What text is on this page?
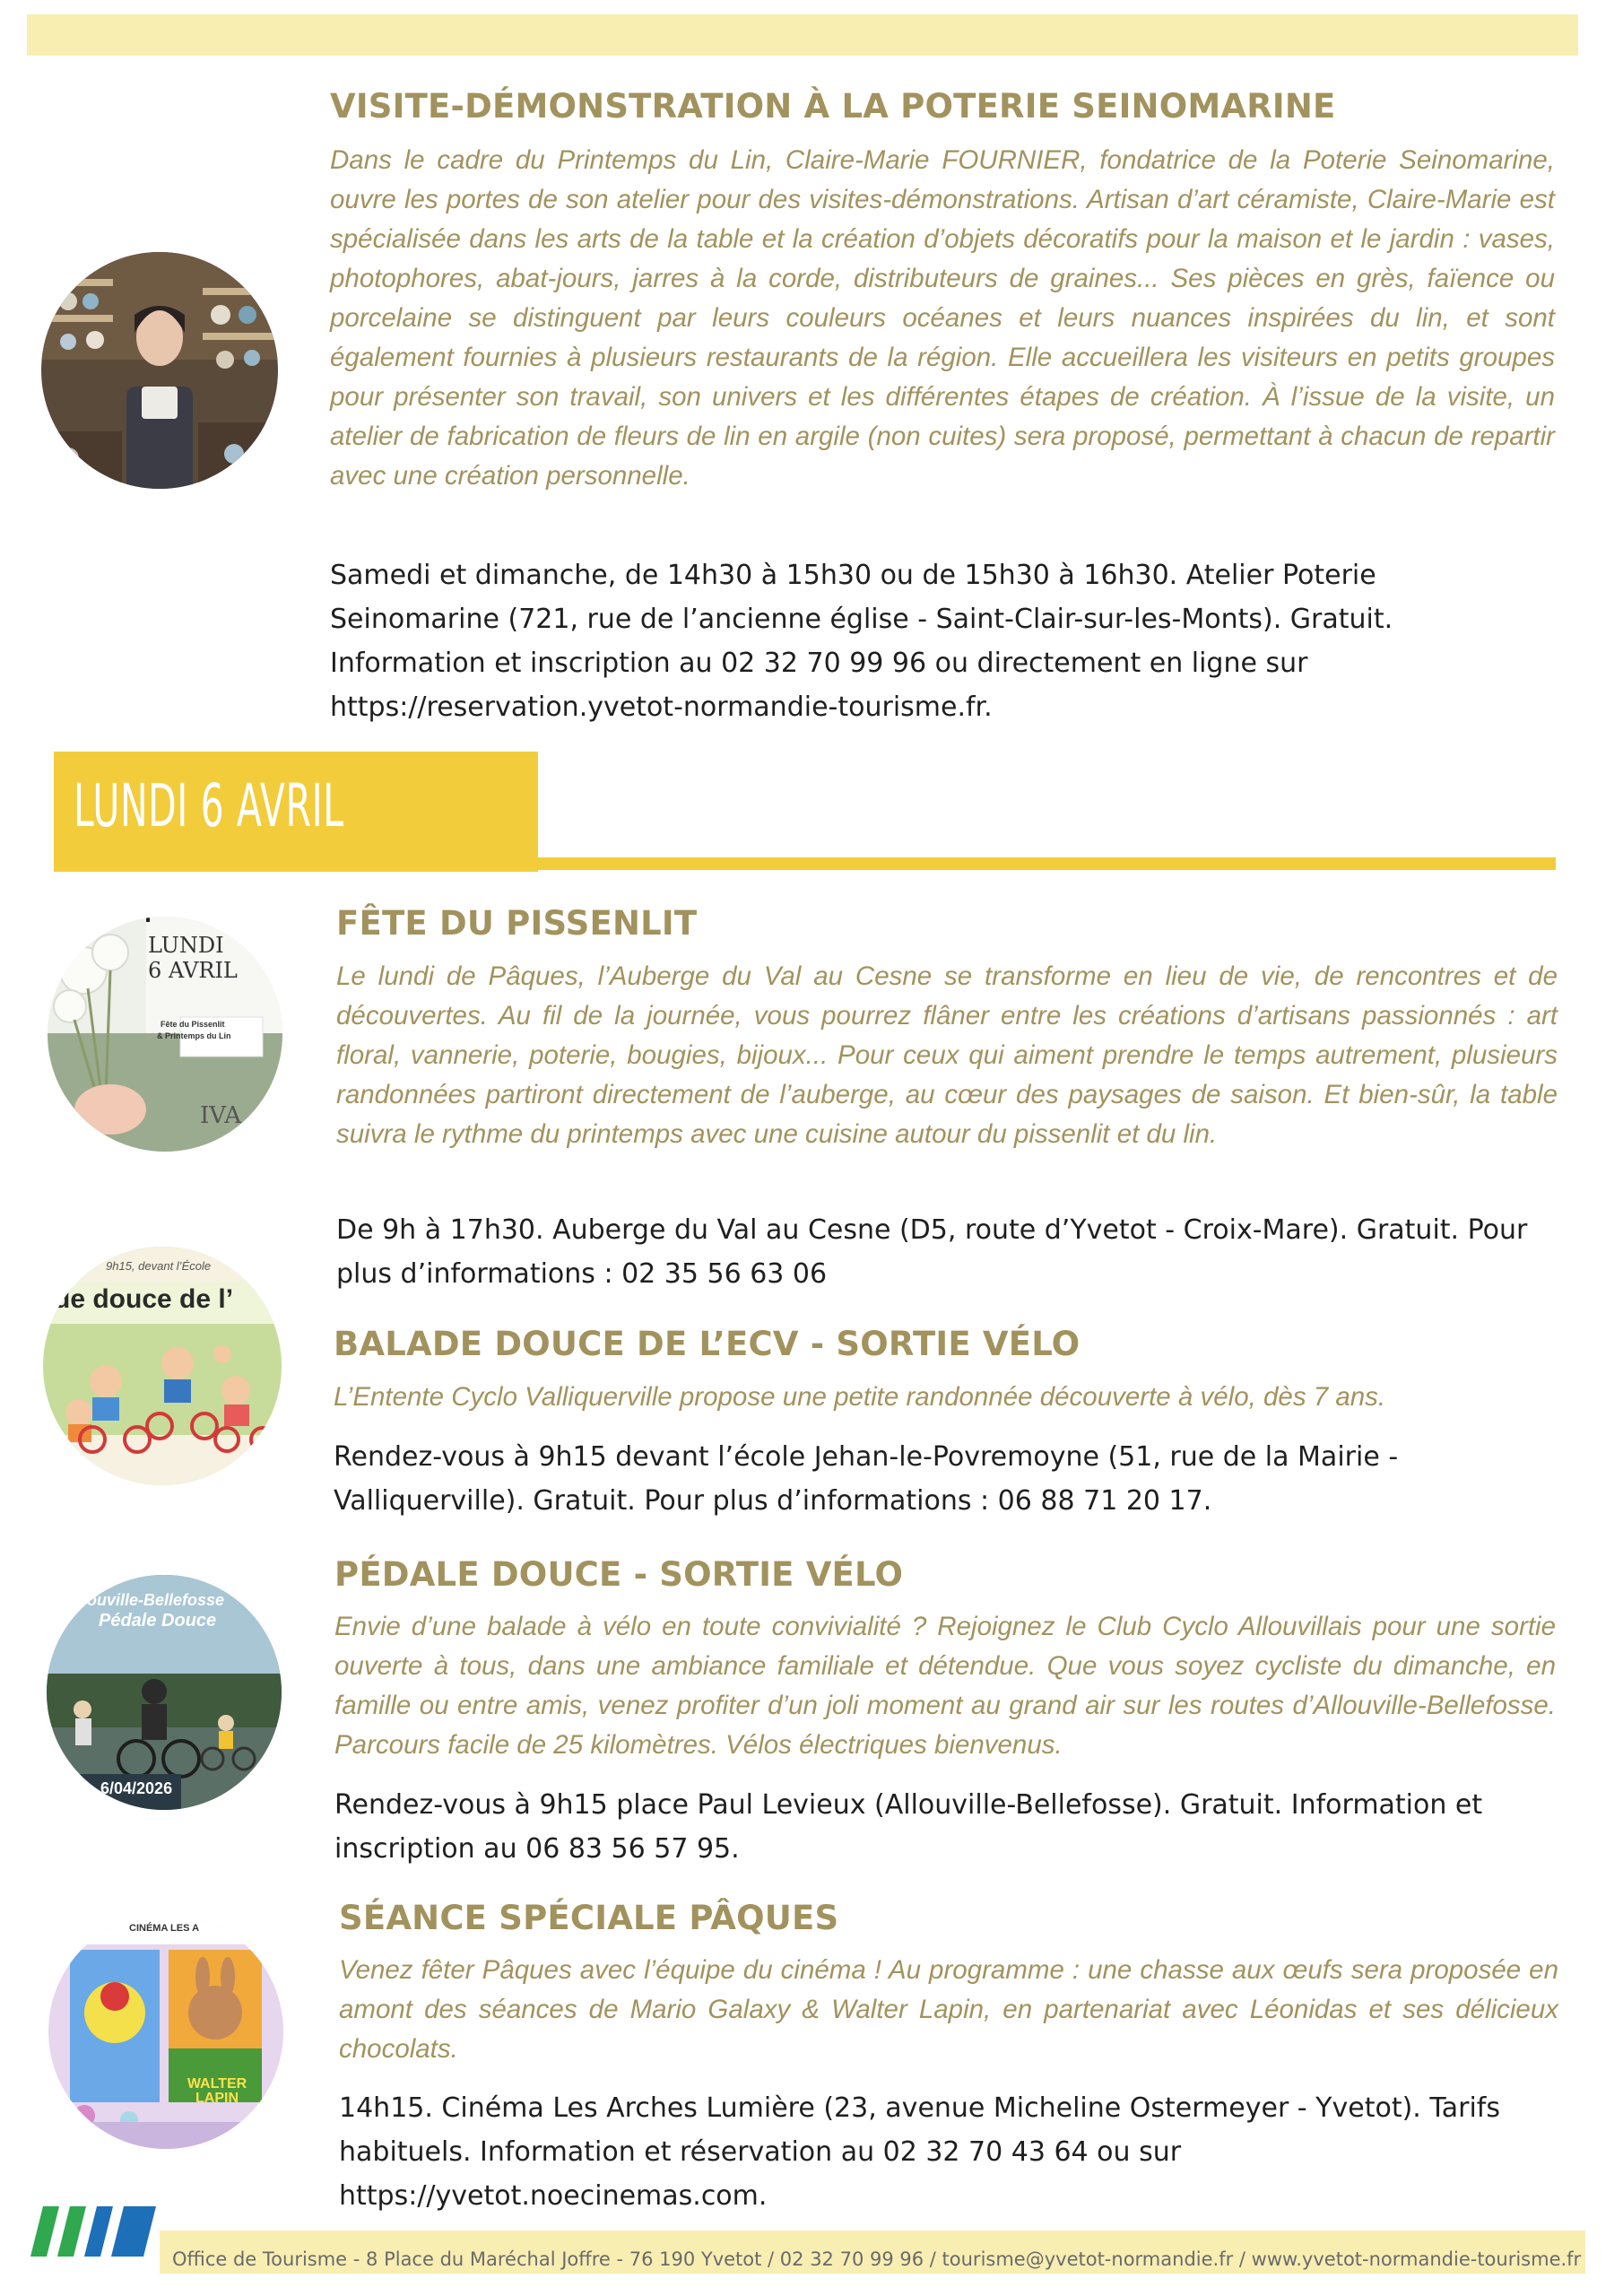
VISITE-DÉMONSTRATION À LA POTERIE SEINOMARINE

Dans le cadre du Printemps du Lin, Claire-Marie FOURNIER, fondatrice de la Poterie Seinomarine, ouvre les portes de son atelier pour des visites-démonstrations. Artisan d’art céramiste, Claire-Marie est spécialisée dans les arts de la table et la création d’objets décoratifs pour la maison et le jardin : vases, photophores, abat-jours, jarres à la corde, distributeurs de graines... Ses pièces en grès, faïence ou porcelaine se distinguent par leurs couleurs océanes et leurs nuances inspirées du lin, et sont également fournies à plusieurs restaurants de la région. Elle accueillera les visiteurs en petits groupes pour présenter son travail, son univers et les différentes étapes de création. À l’issue de la visite, un atelier de fabrication de fleurs de lin en argile (non cuites) sera proposé, permettant à chacun de repartir avec une création personnelle.

Samedi et dimanche, de 14h30 à 15h30 ou de 15h30 à 16h30. Atelier Poterie Seinomarine (721, rue de l’ancienne église - Saint-Clair-sur-les-Monts). Gratuit. Information et inscription au 02 32 70 99 96 ou directement en ligne sur https://reservation.yvetot-normandie-tourisme.fr.

LUNDI 6 AVRIL

IVA
LUNDI
6 AVRIL
Fête du Pissenlit
& Printemps du Lin
FÊTE DU PISSENLIT

Le lundi de Pâques, l’Auberge du Val au Cesne se transforme en lieu de vie, de rencontres et de découvertes. Au fil de la journée, vous pourrez flâner entre les créations d’artisans passionnés : art floral, vannerie, poterie, bougies, bijoux... Pour ceux qui aiment prendre le temps autrement, plusieurs randonnées partiront directement de l’auberge, au cœur des paysages de saison. Et bien-sûr, la table suivra le rythme du printemps avec une cuisine autour du pissenlit et du lin.

De 9h à 17h30. Auberge du Val au Cesne (D5, route d’Yvetot - Croix-Mare). Gratuit. Pour plus d’informations : 02 35 56 63 06

9h15, devant l’École
de douce de l’
BALADE DOUCE DE L’ECV - SORTIE VÉLO

L’Entente Cyclo Valliquerville propose une petite randonnée découverte à vélo, dès 7 ans.

Rendez-vous à 9h15 devant l’école Jehan-le-Povremoyne (51, rue de la Mairie - Valliquerville). Gratuit. Pour plus d’informations : 06 88 71 20 17.

Allouville-Bellefosse
Pédale Douce
6/04/2026
PÉDALE DOUCE - SORTIE VÉLO

Envie d’une balade à vélo en toute convivialité ? Rejoignez le Club Cyclo Allouvillais pour une sortie ouverte à tous, dans une ambiance familiale et détendue. Que vous soyez cycliste du dimanche, en famille ou entre amis, venez profiter d’un joli moment au grand air sur les routes d’Allouville-Bellefosse. Parcours facile de 25 kilomètres. Vélos électriques bienvenus.

Rendez-vous à 9h15 place Paul Levieux (Allouville-Bellefosse). Gratuit. Information et inscription au 06 83 56 57 95.

CINÉMA LES A
WALTER LAPIN
SÉANCE SPÉCIALE PÂQUES

Venez fêter Pâques avec l’équipe du cinéma ! Au programme : une chasse aux œufs sera proposée en amont des séances de Mario Galaxy & Walter Lapin, en partenariat avec Léonidas et ses délicieux chocolats.

14h15. Cinéma Les Arches Lumière (23, avenue Micheline Ostermeyer - Yvetot). Tarifs habituels. Information et réservation au 02 32 70 43 64 ou sur https://yvetot.noecinemas.com.

Office de Tourisme - 8 Place du Maréchal Joffre - 76 190 Yvetot / 02 32 70 99 96 / tourisme@yvetot-normandie.fr / www.yvetot-normandie-tourisme.fr
